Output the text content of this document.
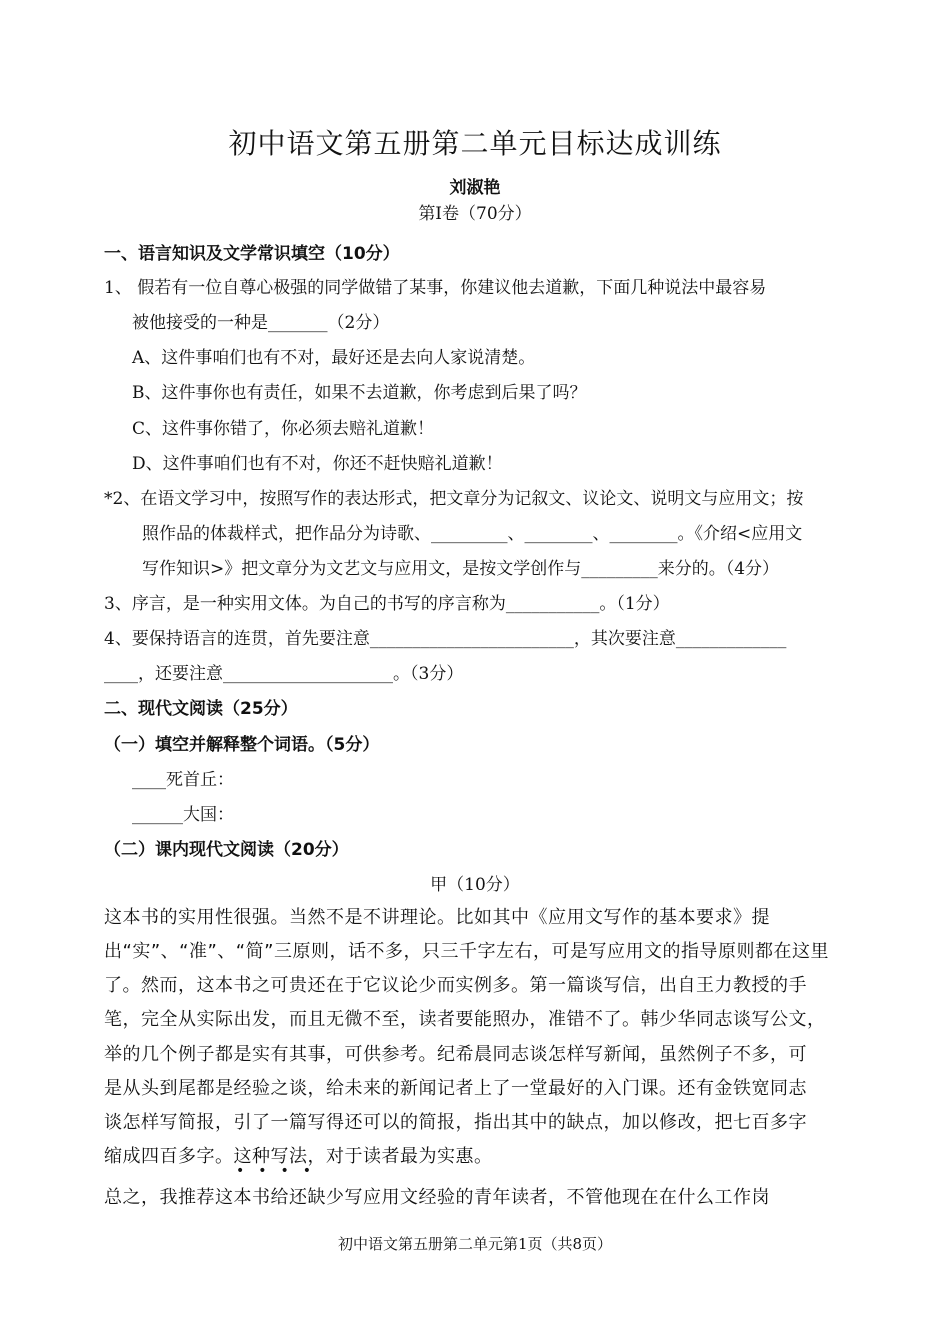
初中语文第五册第二单元目标达成训练
刘淑艳
第Ⅰ卷（70分）
一、语言知识及文学常识填空（10分）
1、 假若有一位自尊心极强的同学做错了某事，你建议他去道歉，下面几种说法中最容易
被他接受的一种是_______（2分）
A、这件事咱们也有不对，最好还是去向人家说清楚。
B、这件事你也有责任，如果不去道歉，你考虑到后果了吗？
C、这件事你错了，你必须去赔礼道歉！
D、这件事咱们也有不对，你还不赶快赔礼道歉！
*2、在语文学习中，按照写作的表达形式，把文章分为记叙文、议论文、说明文与应用文；按
照作品的体裁样式，把作品分为诗歌、_________、________、________。《介绍<应用文
写作知识>》把文章分为文艺文与应用文，是按文学创作与_________来分的。（4分）
3、序言，是一种实用文体。为自己的书写的序言称为___________。（1分）
4、要保持语言的连贯，首先要注意________________________，其次要注意_____________
____，还要注意____________________。（3分）
二、现代文阅读（25分）
（一）填空并解释整个词语。（5分）
____死首丘：
______大国：
（二）课内现代文阅读（20分）
甲（10分）
这本书的实用性很强。当然不是不讲理论。比如其中《应用文写作的基本要求》提
出“实”、“准”、“简”三原则，话不多，只三千字左右，可是写应用文的指导原则都在这里
了。然而，这本书之可贵还在于它议论少而实例多。第一篇谈写信，出自王力教授的手
笔，完全从实际出发，而且无微不至，读者要能照办，准错不了。韩少华同志谈写公文，
举的几个例子都是实有其事，可供参考。纪希晨同志谈怎样写新闻，虽然例子不多，可
是从头到尾都是经验之谈，给未来的新闻记者上了一堂最好的入门课。还有金铁宽同志
谈怎样写简报，引了一篇写得还可以的简报，指出其中的缺点，加以修改，把七百多字
缩成四百多字。这种写法，对于读者最为实惠。
••••
总之，我推荐这本书给还缺少写应用文经验的青年读者，不管他现在在什么工作岗
初中语文第五册第二单元第1页（共8页）
